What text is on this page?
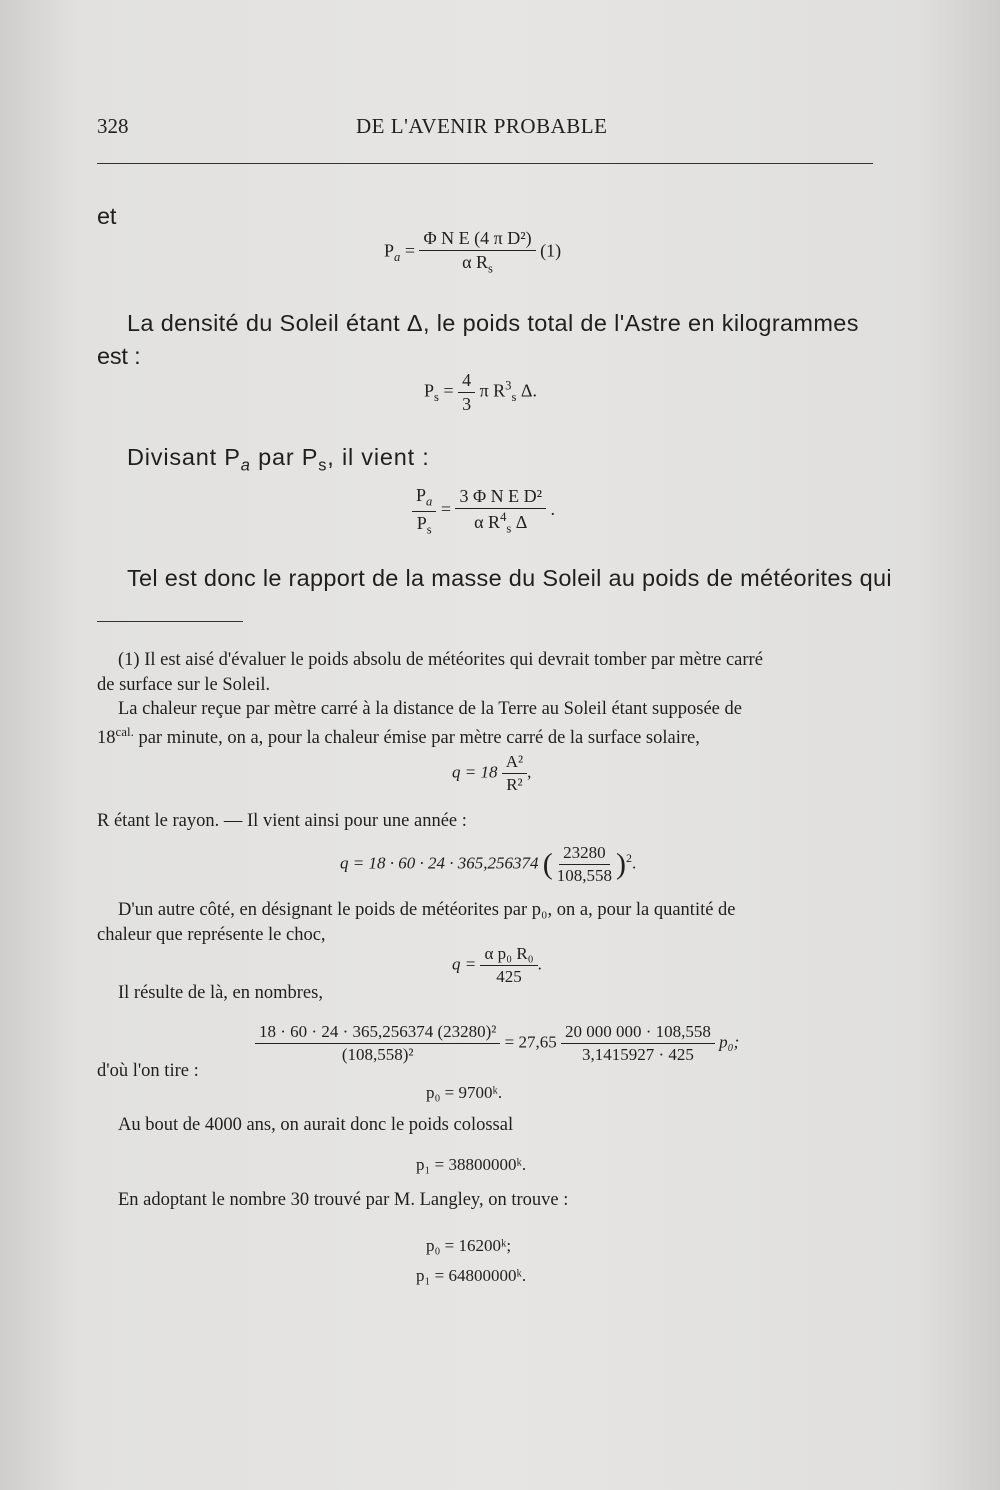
328	DE L'AVENIR PROBABLE
et
$P_a = \frac{\text{Φ N E (4 π D²)}}{\alpha R_s} (1)$
La densité du Soleil étant Δ, le poids total de l'Astre en kilogrammes
est :
$P_s = \frac{4}{3}$ π $R^3_s$ Δ.
Divisant $P_a$ par $P_s$, il vient :
$\frac{P_a}{P_s} = \frac{\text{3 Φ N E D²}}{\alpha R^4_s \Delta}$ .
Tel est donc le rapport de la masse du Soleil au poids de météorites qui
(1) Il est aisé d'évaluer le poids absolu de météorites qui devrait tomber par mètre carré
de surface sur le Soleil.
La chaleur reçue par mètre carré à la distance de la Terre au Soleil étant supposée de
$18^{cal.}$ par minute, on a, pour la chaleur émise par mètre carré de la surface solaire,
$q = 18 \frac{\text{A²}}{\text{R²}}$ ,
R étant le rayon. — Il vient ainsi pour une année :
q = 18 · 60 · 24 · 365,256374 ( $\frac{23280}{108,558} )^2$.
D'un autre côté, en désignant le poids de météorites par p₀, on a, pour la quantité de
chaleur que représente le choc,
$q = \frac{\text{α p₀ R₀}}{425}$ .
Il résulte de là, en nombres,
$\frac{\text{18 · 60 · 24 · 365,256374 (23280)²}}{\text{(108,558)²}} = 27,65 \frac{20 000 000 \cdot 108,558}{3,1415927 \cdot 425} p_0$;
d'où l'on tire :
p₀ = 9700ᵏ.
Au bout de 4000 ans, on aurait donc le poids colossal
p₁ = 38800000ᵏ.
En adoptant le nombre 30 trouvé par M. Langley, on trouve :
p₀ = 16200ᵏ;
p₁ = 64800000ᵏ.
